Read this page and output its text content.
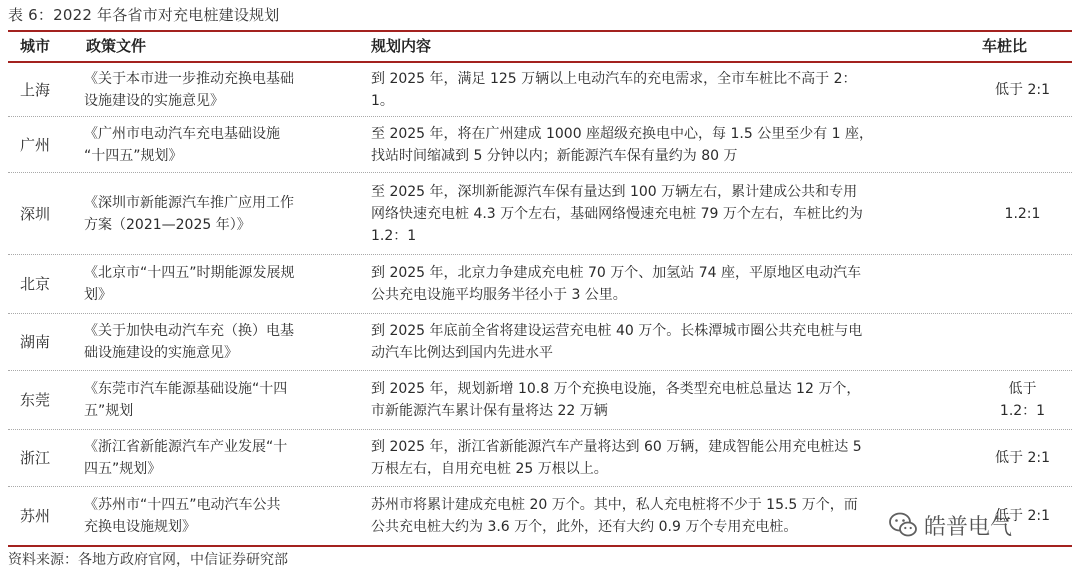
表 6：2022 年各省市对充电桩建设规划
城市 政策文件	规划内容	车桩比
上海
《关于本市进一步推动充换电基础
设施建设的实施意见》
到 2025 年，满足 125 万辆以上电动汽车的充电需求，全市车桩比不高于 2：
1。
低于 2:1
广州
《广州市电动汽车充电基础设施
“十四五”规划》
至 2025 年，将在广州建成 1000 座超级充换电中心，每 1.5 公里至少有 1 座，
找站时间缩减到 5 分钟以内；新能源汽车保有量约为 80 万
深圳
《深圳市新能源汽车推广应用工作
方案（2021—2025 年）》
至 2025 年，深圳新能源汽车保有量达到 100 万辆左右，累计建成公共和专用
网络快速充电桩 4.3 万个左右，基础网络慢速充电桩 79 万个左右，车桩比约为
1.2：1
1.2:1
北京
《北京市“十四五”时期能源发展规
划》
到 2025 年，北京力争建成充电桩 70 万个、加氢站 74 座，平原地区电动汽车
公共充电设施平均服务半径小于 3 公里。
湖南
《关于加快电动汽车充（换）电基
础设施建设的实施意见》
到 2025 年底前全省将建设运营充电桩 40 万个。长株潭城市圈公共充电桩与电
动汽车比例达到国内先进水平
东莞
《东莞市汽车能源基础设施“十四
五”规划
到 2025 年，规划新增 10.8 万个充换电设施，各类型充电桩总量达 12 万个，
市新能源汽车累计保有量将达 22 万辆
低于
1.2：1
浙江
《浙江省新能源汽车产业发展“十
四五”规划》
到 2025 年，浙江省新能源汽车产量将达到 60 万辆，建成智能公用充电桩达 5
万根左右，自用充电桩 25 万根以上。
低于 2:1
苏州
《苏州市“十四五”电动汽车公共
充换电设施规划》
苏州市将累计建成充电桩 20 万个。其中，私人充电桩将不少于 15.5 万个，而
公共充电桩大约为 3.6 万个，此外，还有大约 0.9 万个专用充电桩。
低于 2:1
资料来源：各地方政府官网，中信证券研究部
皓普电气
